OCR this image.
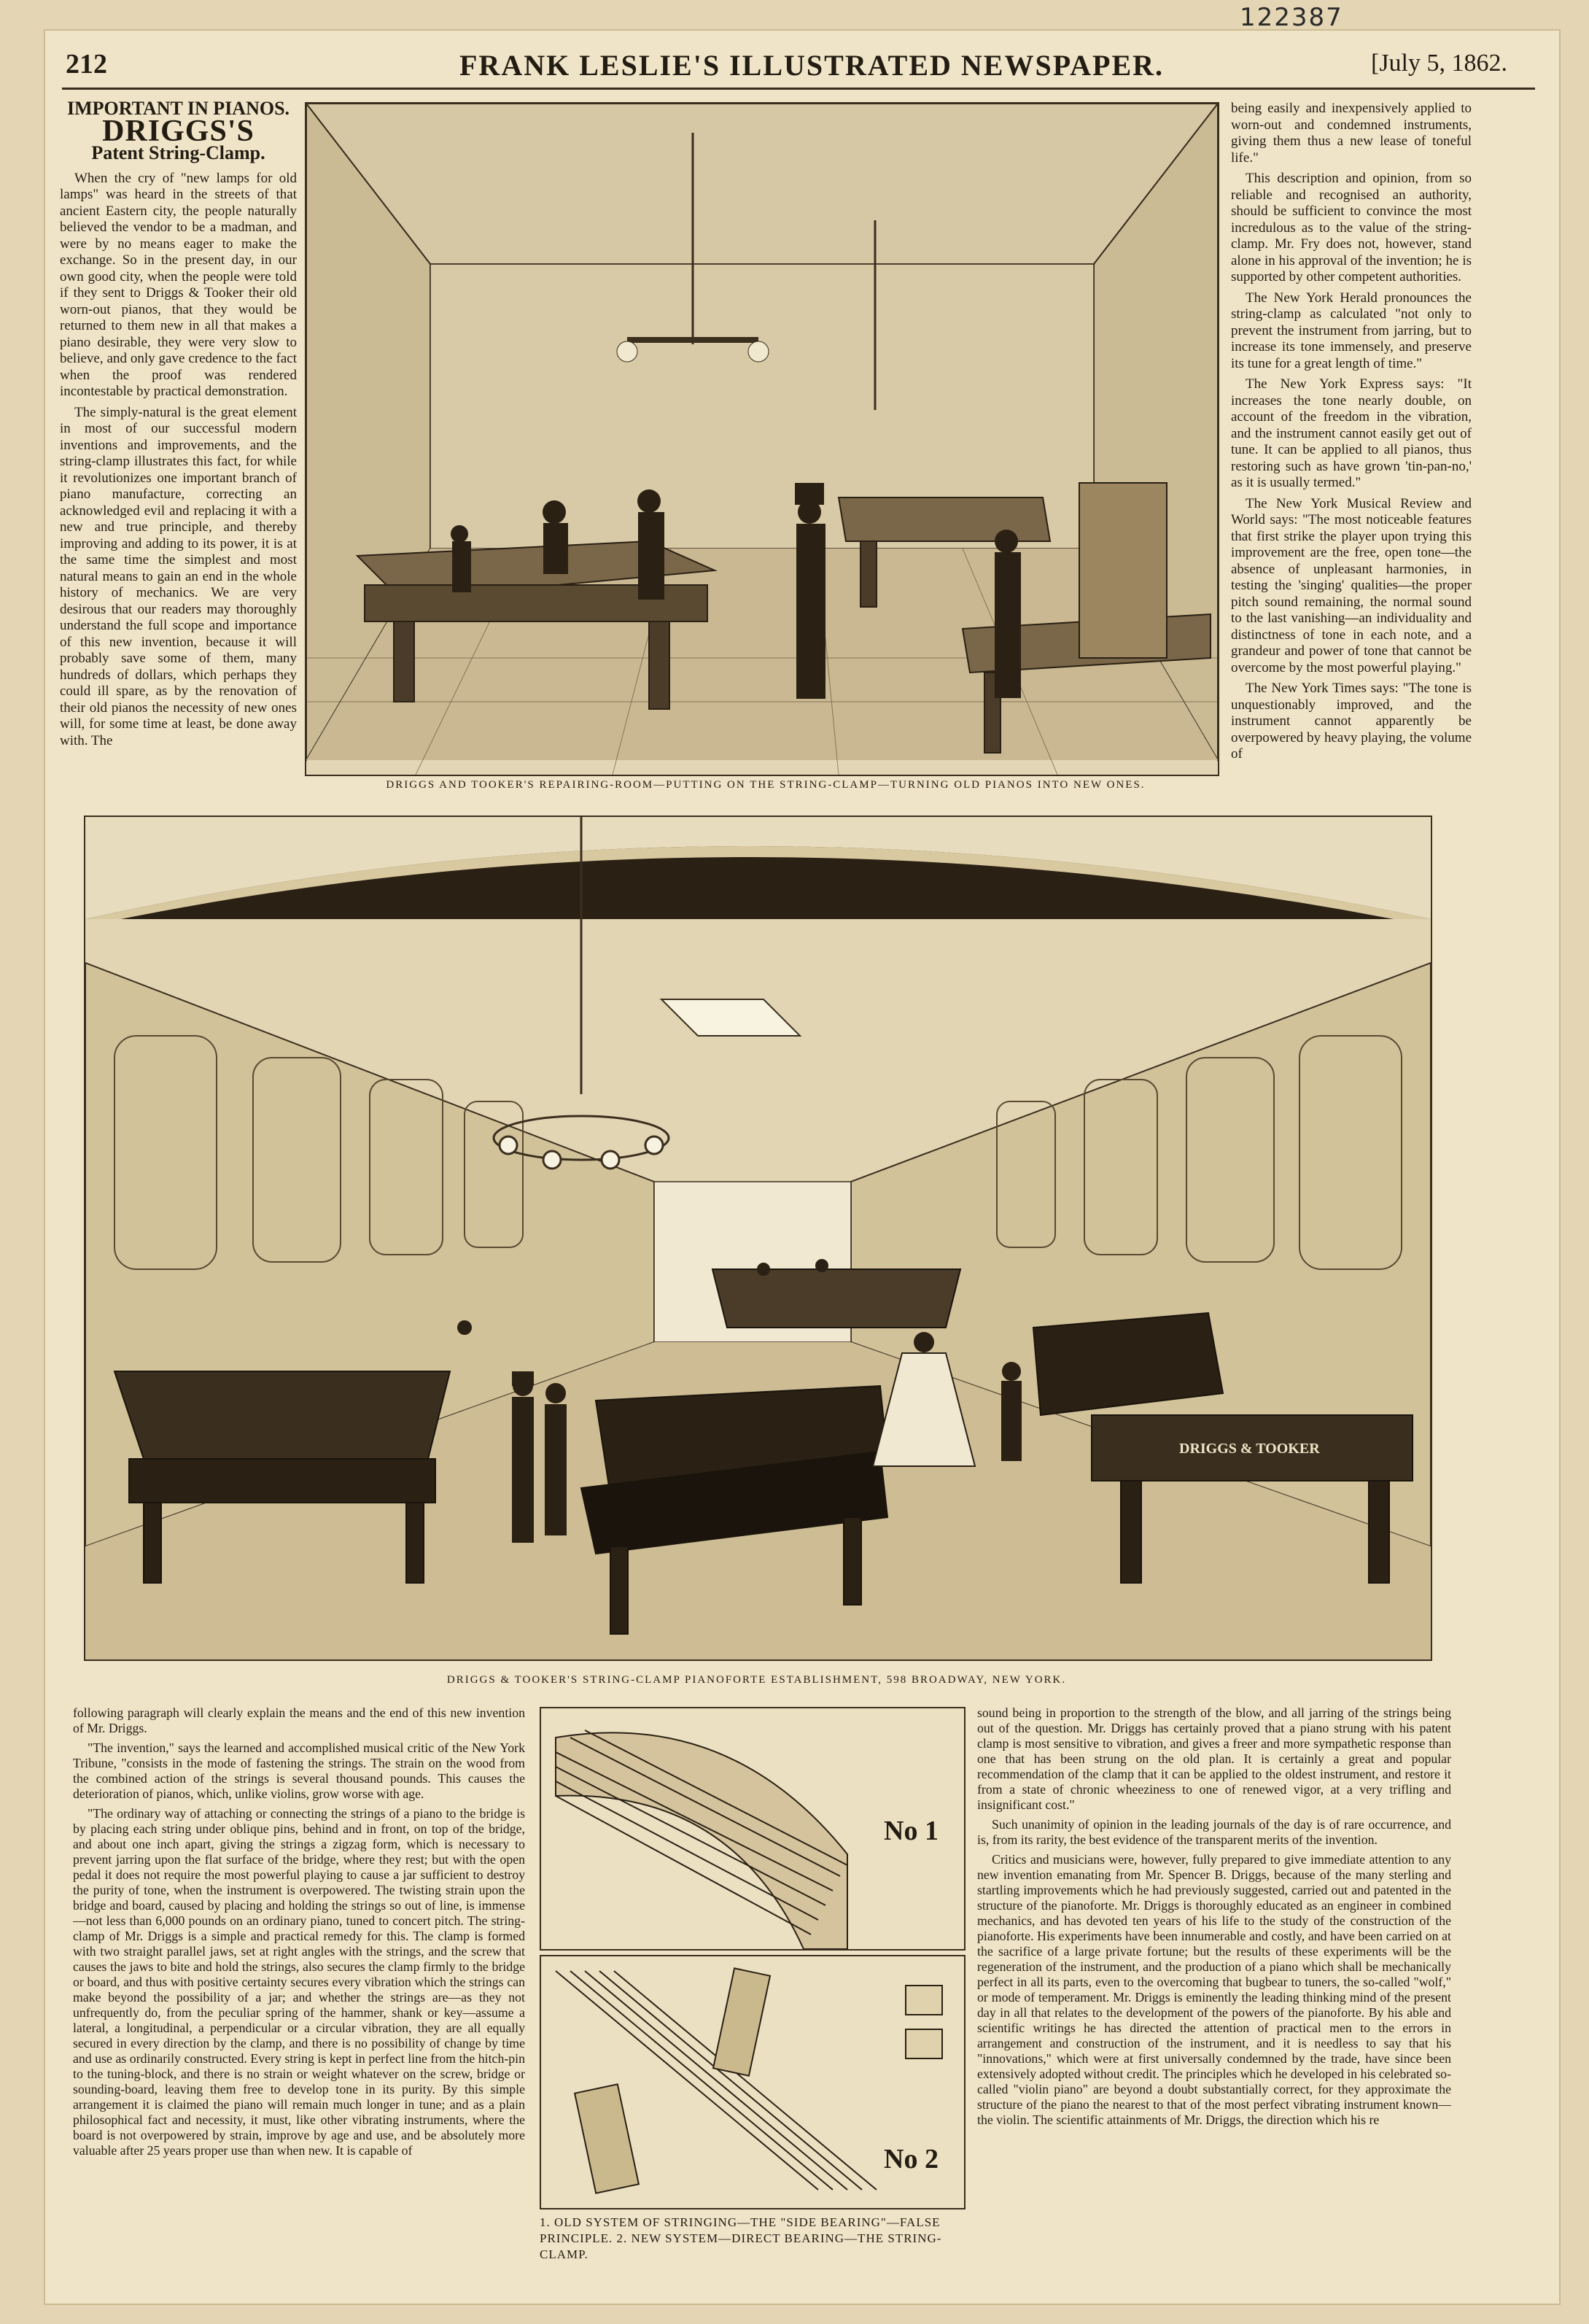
122387
212	FRANK LESLIE'S ILLUSTRATED NEWSPAPER.	[July 5, 1862.
IMPORTANT IN PIANOS.
DRIGGS'S
Patent String-Clamp.

When the cry of "new lamps for old lamps" was heard in the streets of that ancient Eastern city, the people naturally believed the vendor to be a madman, and were by no means eager to make the exchange. So in the present day, in our own good city, when the people were told if they sent to Driggs & Tooker their old worn-out pianos, that they would be returned to them new in all that makes a piano desirable, they were very slow to believe, and only gave credence to the fact when the proof was rendered incontestable by practical demonstration.

The simply-natural is the great element in most of our successful modern inventions and improvements, and the string-clamp illustrates this fact, for while it revolutionizes one important branch of piano manufacture, correcting an acknowledged evil and replacing it with a new and true principle, and thereby improving and adding to its power, it is at the same time the simplest and most natural means to gain an end in the whole history of mechanics. We are very desirous that our readers may thoroughly understand the full scope and importance of this new invention, because it will probably save some of them, many hundreds of dollars, which perhaps they could ill spare, as by the renovation of their old pianos the necessity of new ones will, for some time at least, be done away with. The

DRIGGS AND TOOKER'S REPAIRING-ROOM—PUTTING ON THE STRING-CLAMP—TURNING OLD PIANOS INTO NEW ONES.

being easily and inexpensively applied to worn-out and condemned instruments, giving them thus a new lease of toneful life."

This description and opinion, from so reliable and recognised an authority, should be sufficient to convince the most incredulous as to the value of the string-clamp. Mr. Fry does not, however, stand alone in his approval of the invention; he is supported by other competent authorities.

The New York Herald pronounces the string-clamp as calculated "not only to prevent the instrument from jarring, but to increase its tone immensely, and preserve its tune for a great length of time."

The New York Express says: "It increases the tone nearly double, on account of the freedom in the vibration, and the instrument cannot easily get out of tune. It can be applied to all pianos, thus restoring such as have grown 'tin-pan-no,' as it is usually termed."

The New York Musical Review and World says: "The most noticeable features that first strike the player upon trying this improvement are the free, open tone—the absence of unpleasant harmonies, in testing the 'singing' qualities—the proper pitch sound remaining, the normal sound to the last vanishing—an individuality and distinctness of tone in each note, and a grandeur and power of tone that cannot be overcome by the most powerful playing."

The New York Times says: "The tone is unquestionably improved, and the instrument cannot apparently be overpowered by heavy playing, the volume of

DRIGGS & TOOKER
DRIGGS & TOOKER'S STRING-CLAMP PIANOFORTE ESTABLISHMENT, 598 BROADWAY, NEW YORK.

following paragraph will clearly explain the means and the end of this new invention of Mr. Driggs.

"The invention," says the learned and accomplished musical critic of the New York Tribune, "consists in the mode of fastening the strings. The strain on the wood from the combined action of the strings is several thousand pounds. This causes the deterioration of pianos, which, unlike violins, grow worse with age.

"The ordinary way of attaching or connecting the strings of a piano to the bridge is by placing each string under oblique pins, behind and in front, on top of the bridge, and about one inch apart, giving the strings a zigzag form, which is necessary to prevent jarring upon the flat surface of the bridge, where they rest; but with the open pedal it does not require the most powerful playing to cause a jar sufficient to destroy the purity of tone, when the instrument is overpowered. The twisting strain upon the bridge and board, caused by placing and holding the strings so out of line, is immense—not less than 6,000 pounds on an ordinary piano, tuned to concert pitch. The string-clamp of Mr. Driggs is a simple and practical remedy for this. The clamp is formed with two straight parallel jaws, set at right angles with the strings, and the screw that causes the jaws to bite and hold the strings, also secures the clamp firmly to the bridge or board, and thus with positive certainty secures every vibration which the strings can make beyond the possibility of a jar; and whether the strings are—as they not unfrequently do, from the peculiar spring of the hammer, shank or key—assume a lateral, a longitudinal, a perpendicular or a circular vibration, they are all equally secured in every direction by the clamp, and there is no possibility of change by time and use as ordinarily constructed. Every string is kept in perfect line from the hitch-pin to the tuning-block, and there is no strain or weight whatever on the screw, bridge or sounding-board, leaving them free to develop tone in its purity. By this simple arrangement it is claimed the piano will remain much longer in tune; and as a plain philosophical fact and necessity, it must, like other vibrating instruments, where the board is not overpowered by strain, improve by age and use, and be absolutely more valuable after 25 years proper use than when new. It is capable of

No 1
No 2
1. OLD SYSTEM OF STRINGING—THE "SIDE BEARING"—FALSE PRINCIPLE. 2. NEW SYSTEM—DIRECT BEARING—THE STRING-CLAMP.

sound being in proportion to the strength of the blow, and all jarring of the strings being out of the question. Mr. Driggs has certainly proved that a piano strung with his patent clamp is most sensitive to vibration, and gives a freer and more sympathetic response than one that has been strung on the old plan. It is certainly a great and popular recommendation of the clamp that it can be applied to the oldest instrument, and restore it from a state of chronic wheeziness to one of renewed vigor, at a very trifling and insignificant cost."

Such unanimity of opinion in the leading journals of the day is of rare occurrence, and is, from its rarity, the best evidence of the transparent merits of the invention.

Critics and musicians were, however, fully prepared to give immediate attention to any new invention emanating from Mr. Spencer B. Driggs, because of the many sterling and startling improvements which he had previously suggested, carried out and patented in the structure of the pianoforte. Mr. Driggs is thoroughly educated as an engineer in combined mechanics, and has devoted ten years of his life to the study of the construction of the pianoforte. His experiments have been innumerable and costly, and have been carried on at the sacrifice of a large private fortune; but the results of these experiments will be the regeneration of the instrument, and the production of a piano which shall be mechanically perfect in all its parts, even to the overcoming that bugbear to tuners, the so-called "wolf," or mode of temperament. Mr. Driggs is eminently the leading thinking mind of the present day in all that relates to the development of the powers of the pianoforte. By his able and scientific writings he has directed the attention of practical men to the errors in arrangement and construction of the instrument, and it is needless to say that his "innovations," which were at first universally condemned by the trade, have since been extensively adopted without credit. The principles which he developed in his celebrated so-called "violin piano" are beyond a doubt substantially correct, for they approximate the structure of the piano the nearest to that of the most perfect vibrating instrument known—the violin. The scientific attainments of Mr. Driggs, the direction which his re
